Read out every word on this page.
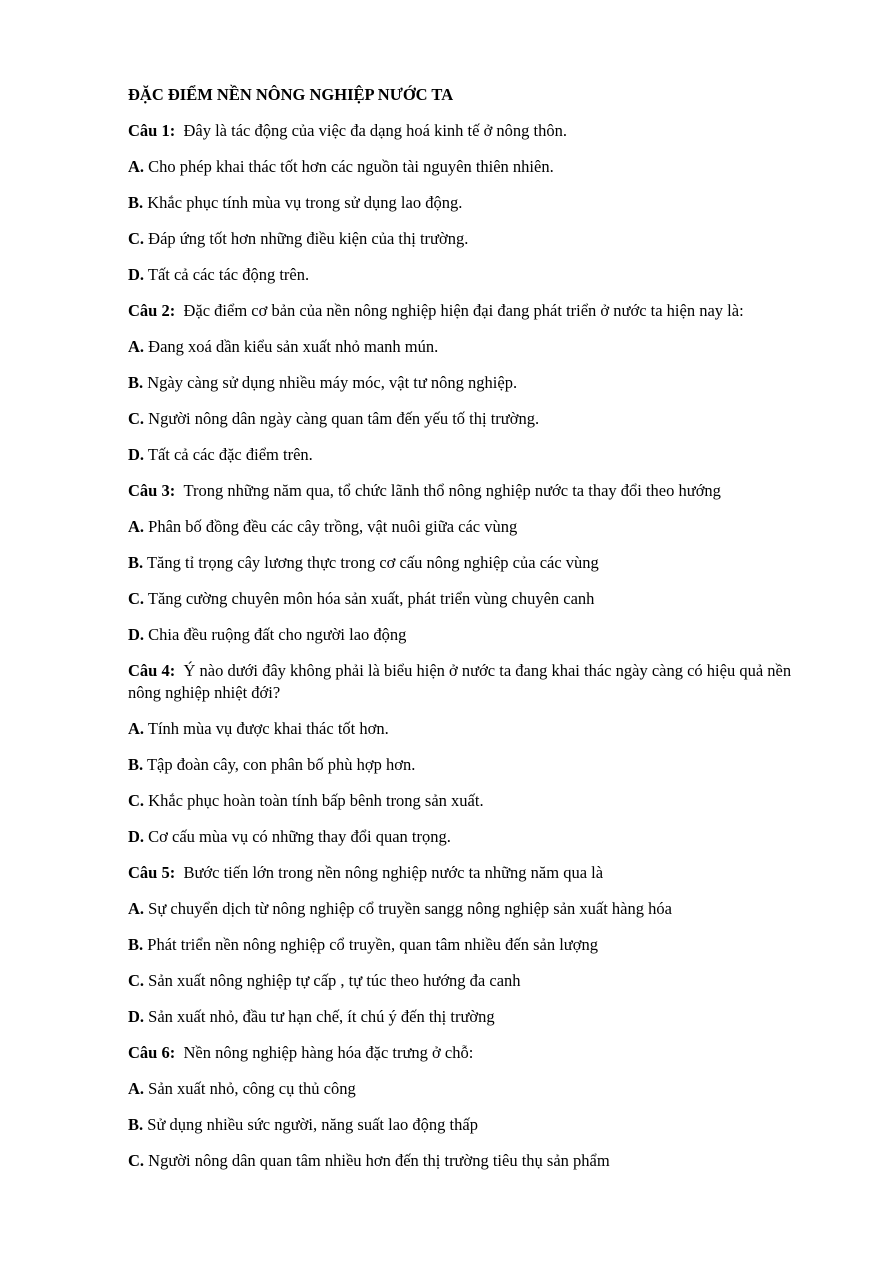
ĐẶC ĐIỂM NỀN NÔNG NGHIỆP NƯỚC TA
Câu 1: Đây là tác động của việc đa dạng hoá kinh tế ở nông thôn.
A. Cho phép khai thác tốt hơn các nguồn tài nguyên thiên nhiên.
B. Khắc phục tính mùa vụ trong sử dụng lao động.
C. Đáp ứng tốt hơn những điều kiện của thị trường.
D. Tất cả các tác động trên.
Câu 2: Đặc điểm cơ bản của nền nông nghiệp hiện đại đang phát triển ở nước ta hiện nay là:
A. Đang xoá dần kiểu sản xuất nhỏ manh mún.
B. Ngày càng sử dụng nhiều máy móc, vật tư nông nghiệp.
C. Người nông dân ngày càng quan tâm đến yếu tố thị trường.
D. Tất cả các đặc điểm trên.
Câu 3: Trong những năm qua, tổ chức lãnh thổ nông nghiệp nước ta thay đổi theo hướng
A. Phân bố đồng đều các cây trồng, vật nuôi giữa các vùng
B. Tăng tỉ trọng cây lương thực trong cơ cấu nông nghiệp của các vùng
C. Tăng cường chuyên môn hóa sản xuất, phát triển vùng chuyên canh
D. Chia đều ruộng đất cho người lao động
Câu 4: Ý nào dưới đây không phải là biểu hiện ở nước ta đang khai thác ngày càng có hiệu quả nền nông nghiệp nhiệt đới?
A. Tính mùa vụ được khai thác tốt hơn.
B. Tập đoàn cây, con phân bố phù hợp hơn.
C. Khắc phục hoàn toàn tính bấp bênh trong sản xuất.
D. Cơ cấu mùa vụ có những thay đổi quan trọng.
Câu 5: Bước tiến lớn trong nền nông nghiệp nước ta những năm qua là
A. Sự chuyển dịch từ nông nghiệp cổ truyền sangg nông nghiệp sản xuất hàng hóa
B. Phát triển nền nông nghiệp cổ truyền, quan tâm nhiều đến sản lượng
C. Sản xuất nông nghiệp tự cấp , tự túc theo hướng đa canh
D. Sản xuất nhỏ, đầu tư hạn chế, ít chú ý đến thị trường
Câu 6: Nền nông nghiệp hàng hóa đặc trưng ở chỗ:
A. Sản xuất nhỏ, công cụ thủ công
B. Sử dụng nhiều sức người, năng suất lao động thấp
C. Người nông dân quan tâm nhiều hơn đến thị trường tiêu thụ sản phẩm
